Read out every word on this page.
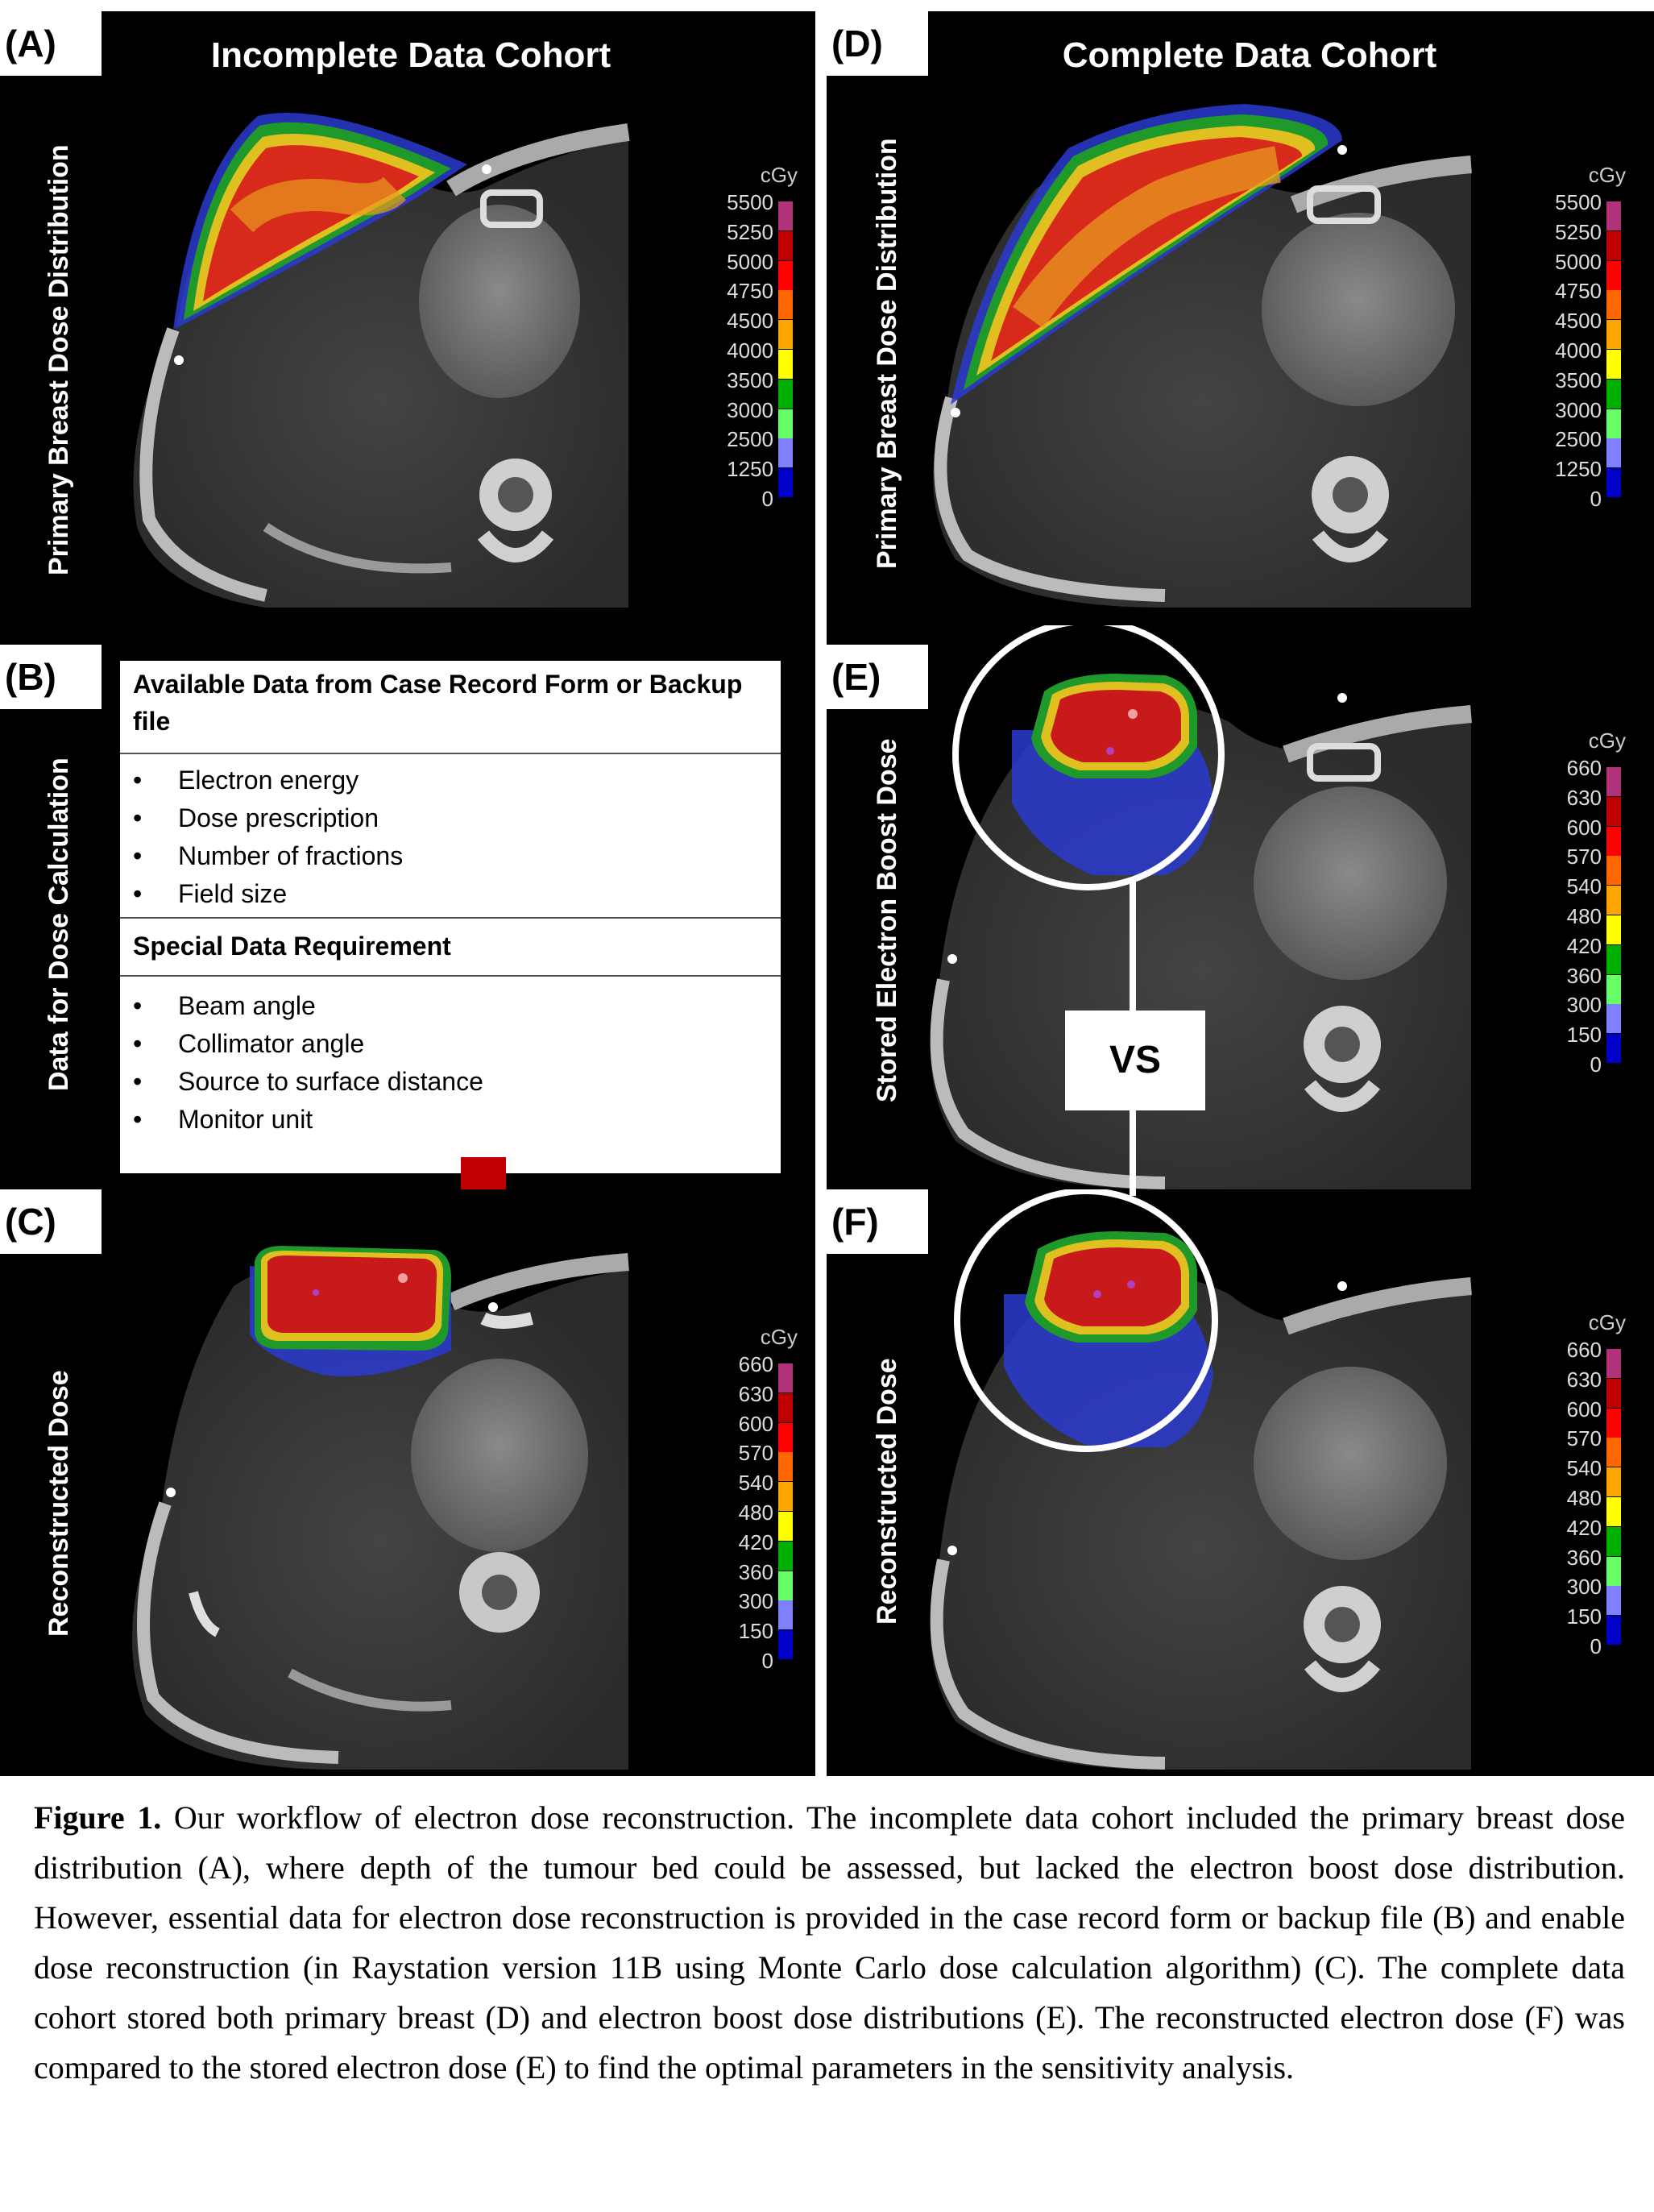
(A)	Incomplete Data Cohort
Primary Breast Dose Distribution	cGy
5500
5250
5000
4750
4500
4000
3500
3000
2500
1250
0
(B)
Data for Dose Calculation
Available Data from Case Record Form or Backup file
• Electron energy
• Dose prescription
• Number of fractions
• Field size
Special Data Requirement
• Beam angle
• Collimator angle
• Source to surface distance
• Monitor unit
(C)
Reconstructed Dose
cGy
660
630
600
570
540
480
420
360
300
150
0
(D)	Complete Data Cohort
Primary Breast Dose Distribution	cGy
5500
5250
5000
4750
4500
4000
3500
3000
2500
1250
0
(E)
Stored Electron Boost Dose	cGy
660
630
600
570
540
480
420
360
300
150
0
VS
(F)
Reconstructed Dose
cGy
660
630
600
570
540
480
420
360
300
150
0
Figure 1. Our workflow of electron dose reconstruction. The incomplete data cohort included the primary breast dose distribution (A), where depth of the tumour bed could be assessed, but lacked the electron boost dose distribution. However, essential data for electron dose reconstruction is provided in the case record form or backup file (B) and enable dose reconstruction (in Raystation version 11B using Monte Carlo dose calculation algorithm) (C). The complete data cohort stored both primary breast (D) and electron boost dose distributions (E). The reconstructed electron dose (F) was compared to the stored electron dose (E) to find the optimal parameters in the sensitivity analysis.
